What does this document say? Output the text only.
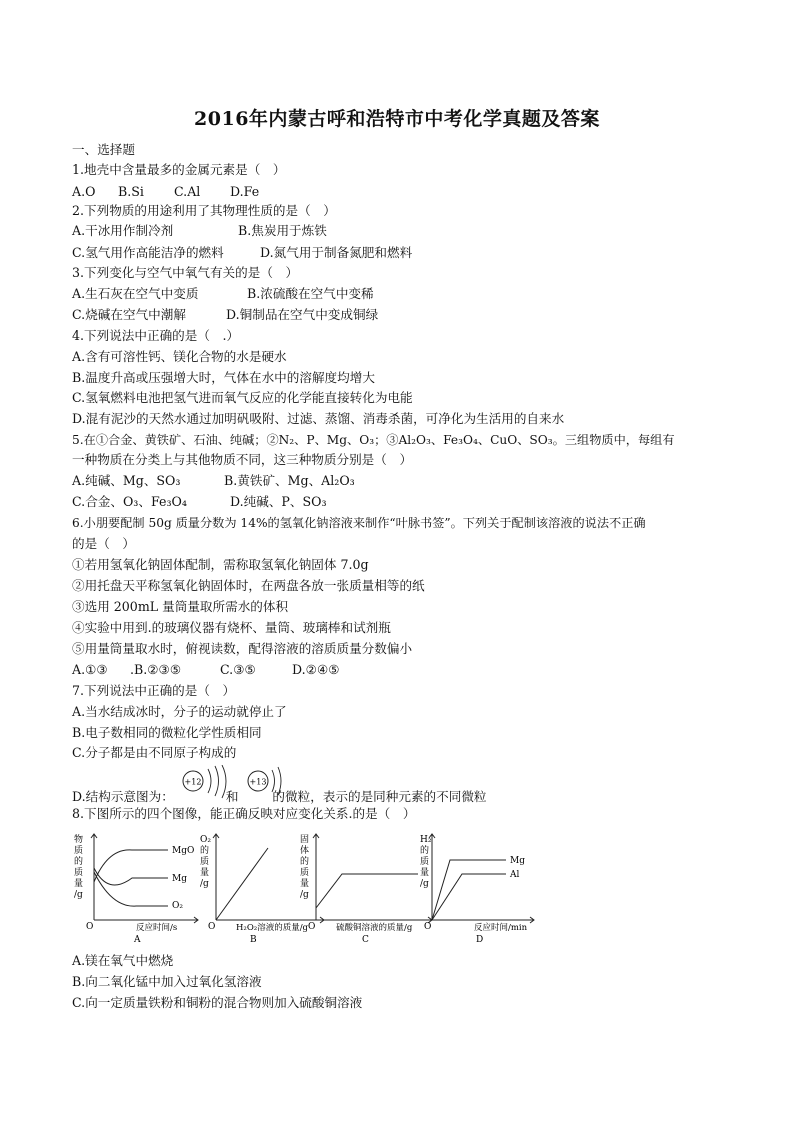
2016年内蒙古呼和浩特市中考化学真题及答案
一、选择题
1.地壳中含量最多的金属元素是（　）
A.O B.Si C.Al D.Fe
2.下列物质的用途利用了其物理性质的是（　）
A.干冰用作制冷剂	B.焦炭用于炼铁
C.氢气用作高能洁净的燃料	D.氮气用于制备氮肥和燃料
3.下列变化与空气中氧气有关的是（　）
A.生石灰在空气中变质	B.浓硫酸在空气中变稀
C.烧碱在空气中潮解	D.铜制品在空气中变成铜绿
4.下列说法中正确的是（　.）
A.含有可溶性钙、镁化合物的水是硬水
B.温度升高或压强增大时，气体在水中的溶解度均增大
C.氢氧燃料电池把氢气进而氧气反应的化学能直接转化为电能
D.混有泥沙的天然水通过加明矾吸附、过滤、蒸馏、消毒杀菌，可净化为生活用的自来水
5.在①合金、黄铁矿、石油、纯碱；②N₂、P、Mg、O₃；③Al₂O₃、Fe₃O₄、CuO、SO₃。三组物质中，每组有
一种物质在分类上与其他物质不同，这三种物质分别是（　）
A.纯碱、Mg、SO₃	B.黄铁矿、Mg、Al₂O₃
C.合金、O₃、Fe₃O₄	D.纯碱、P、SO₃
6.小朋要配制 50g 质量分数为 14%的氢氧化钠溶液来制作“叶脉书签”。下列关于配制该溶液的说法不正确
的是（　）
①若用氢氧化钠固体配制，需称取氢氧化钠固体 7.0g
②用托盘天平称氢氧化钠固体时，在两盘各放一张质量相等的纸
③选用 200mL 量筒量取所需水的体积
④实验中用到.的玻璃仪器有烧杯、量筒、玻璃棒和试剂瓶
⑤用量筒量取水时，俯视读数，配得溶液的溶质质量分数偏小
A.①③ .B.②③⑤	C.③⑤	D.②④⑤
7.下列说法中正确的是（　）
A.当水结成冰时，分子的运动就停止了
B.电子数相同的微粒化学性质相同
C.分子都是由不同原子构成的
D.结构示意图为：	和	的微粒，表示的是同种元素的不同微粒
+12	+13
8.下图所示的四个图像，能正确反映对应变化关系.的是（　）
物
质
的
质
量
/g
MgO
Mg
O₂
O	反应时间/s
A
O₂
的
质
量
/g
O H₂O₂溶液的质量/g
B
固
体
的
质
量
/g
O 硫酸铜溶液的质量/g
C
H₂
的
质
量
/g
Mg
Al
O	反应时间/min
D
A.镁在氧气中燃烧
B.向二氧化锰中加入过氧化氢溶液
C.向一定质量铁粉和铜粉的混合物则加入硫酸铜溶液
